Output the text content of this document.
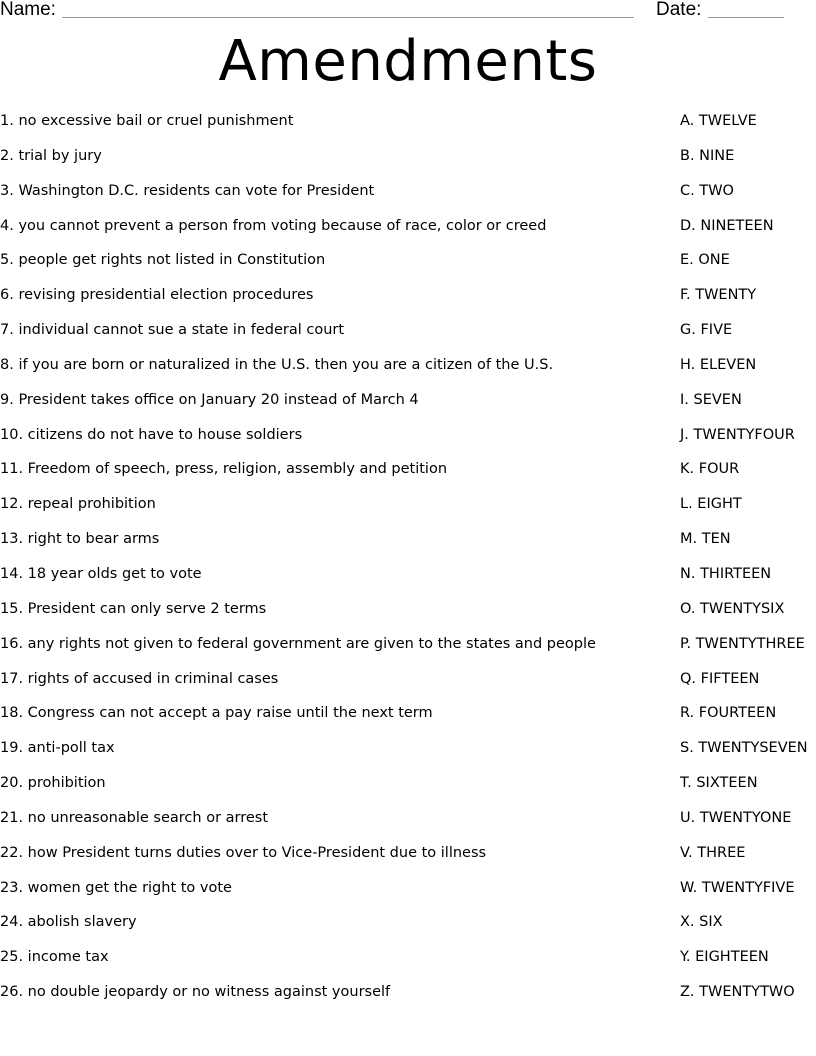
Name:	Date:
Amendments
1. no excessive bail or cruel punishment	A. TWELVE
2. trial by jury	B. NINE
3. Washington D.C. residents can vote for President	C. TWO
4. you cannot prevent a person from voting because of race, color or creed	D. NINETEEN
5. people get rights not listed in Constitution	E. ONE
6. revising presidential election procedures	F. TWENTY
7. individual cannot sue a state in federal court	G. FIVE
8. if you are born or naturalized in the U.S. then you are a citizen of the U.S.	H. ELEVEN
9. President takes office on January 20 instead of March 4	I. SEVEN
10. citizens do not have to house soldiers	J. TWENTYFOUR
11. Freedom of speech, press, religion, assembly and petition	K. FOUR
12. repeal prohibition	L. EIGHT
13. right to bear arms	M. TEN
14. 18 year olds get to vote	N. THIRTEEN
15. President can only serve 2 terms	O. TWENTYSIX
16. any rights not given to federal government are given to the states and people	P. TWENTYTHREE
17. rights of accused in criminal cases	Q. FIFTEEN
18. Congress can not accept a pay raise until the next term	R. FOURTEEN
19. anti-poll tax	S. TWENTYSEVEN
20. prohibition	T. SIXTEEN
21. no unreasonable search or arrest	U. TWENTYONE
22. how President turns duties over to Vice-President due to illness	V. THREE
23. women get the right to vote	W. TWENTYFIVE
24. abolish slavery	X. SIX
25. income tax	Y. EIGHTEEN
26. no double jeopardy or no witness against yourself	Z. TWENTYTWO
